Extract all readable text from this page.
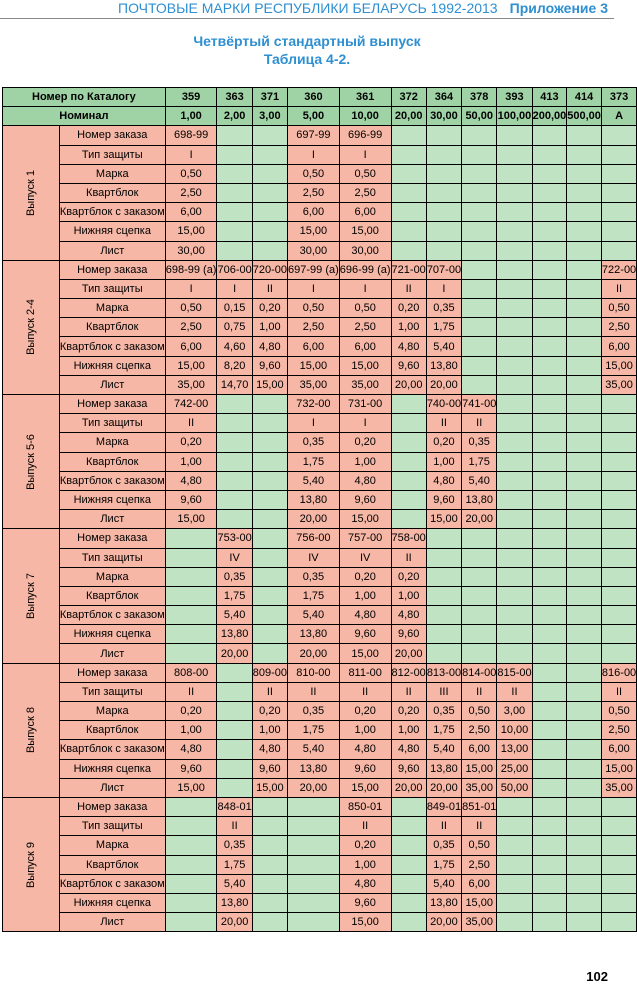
ПОЧТОВЫЕ МАРКИ РЕСПУБЛИКИ БЕЛАРУСЬ 1992-2013 Приложение 3
Четвёртый стандартный выпуск
Таблица 4-2.
Номер по Каталогу		359	363	371	360	361	372	364	378	393	413	414	373
Номинал		1,00	2,00	3,00	5,00	10,00	20,00	30,00	50,00	100,00	200,00	500,00	А
Выпуск 1	Номер заказа	698-99			697-99	696-99							
	Тип защиты	I			I	I							
	Марка	0,50			0,50	0,50							
	Квартблок	2,50			2,50	2,50							
	Квартблок с заказом	6,00			6,00	6,00							
	Нижняя сцепка	15,00			15,00	15,00							
	Лист	30,00			30,00	30,00							
Выпуск 2-4	Номер заказа	698-99 (а)	706-00	720-00	697-99 (а)	696-99 (а)	721-00	707-00					722-00
	Тип защиты	I	I	II	I	I	II	I					II
	Марка	0,50	0,15	0,20	0,50	0,50	0,20	0,35					0,50
	Квартблок	2,50	0,75	1,00	2,50	2,50	1,00	1,75					2,50
	Квартблок с заказом	6,00	4,60	4,80	6,00	6,00	4,80	5,40					6,00
	Нижняя сцепка	15,00	8,20	9,60	15,00	15,00	9,60	13,80					15,00
	Лист	35,00	14,70	15,00	35,00	35,00	20,00	20,00					35,00
Выпуск 5-6	Номер заказа	742-00			732-00	731-00		740-00	741-00				
	Тип защиты	II			I	I		II	II				
	Марка	0,20			0,35	0,20		0,20	0,35				
	Квартблок	1,00			1,75	1,00		1,00	1,75				
	Квартблок с заказом	4,80			5,40	4,80		4,80	5,40				
	Нижняя сцепка	9,60			13,80	9,60		9,60	13,80				
	Лист	15,00			20,00	15,00		15,00	20,00				
Выпуск 7	Номер заказа		753-00		756-00	757-00	758-00						
	Тип защиты		IV		IV	IV	II						
	Марка		0,35		0,35	0,20	0,20						
	Квартблок		1,75		1,75	1,00	1,00						
	Квартблок с заказом		5,40		5,40	4,80	4,80						
	Нижняя сцепка		13,80		13,80	9,60	9,60						
	Лист		20,00		20,00	15,00	20,00						
Выпуск 8	Номер заказа	808-00		809-00	810-00	811-00	812-00	813-00	814-00	815-00			816-00
	Тип защиты	II		II	II	II	II	III	II	II			II
	Марка	0,20		0,20	0,35	0,20	0,20	0,35	0,50	3,00			0,50
	Квартблок	1,00		1,00	1,75	1,00	1,00	1,75	2,50	10,00			2,50
	Квартблок с заказом	4,80		4,80	5,40	4,80	4,80	5,40	6,00	13,00			6,00
	Нижняя сцепка	9,60		9,60	13,80	9,60	9,60	13,80	15,00	25,00			15,00
	Лист	15,00		15,00	20,00	15,00	20,00	20,00	35,00	50,00			35,00
Выпуск 9	Номер заказа		848-01			850-01		849-01	851-01				
	Тип защиты		II			II		II	II				
	Марка		0,35			0,20		0,35	0,50				
	Квартблок		1,75			1,00		1,75	2,50				
	Квартблок с заказом		5,40			4,80		5,40	6,00				
	Нижняя сцепка		13,80			9,60		13,80	15,00				
	Лист		20,00			15,00		20,00	35,00				
102
